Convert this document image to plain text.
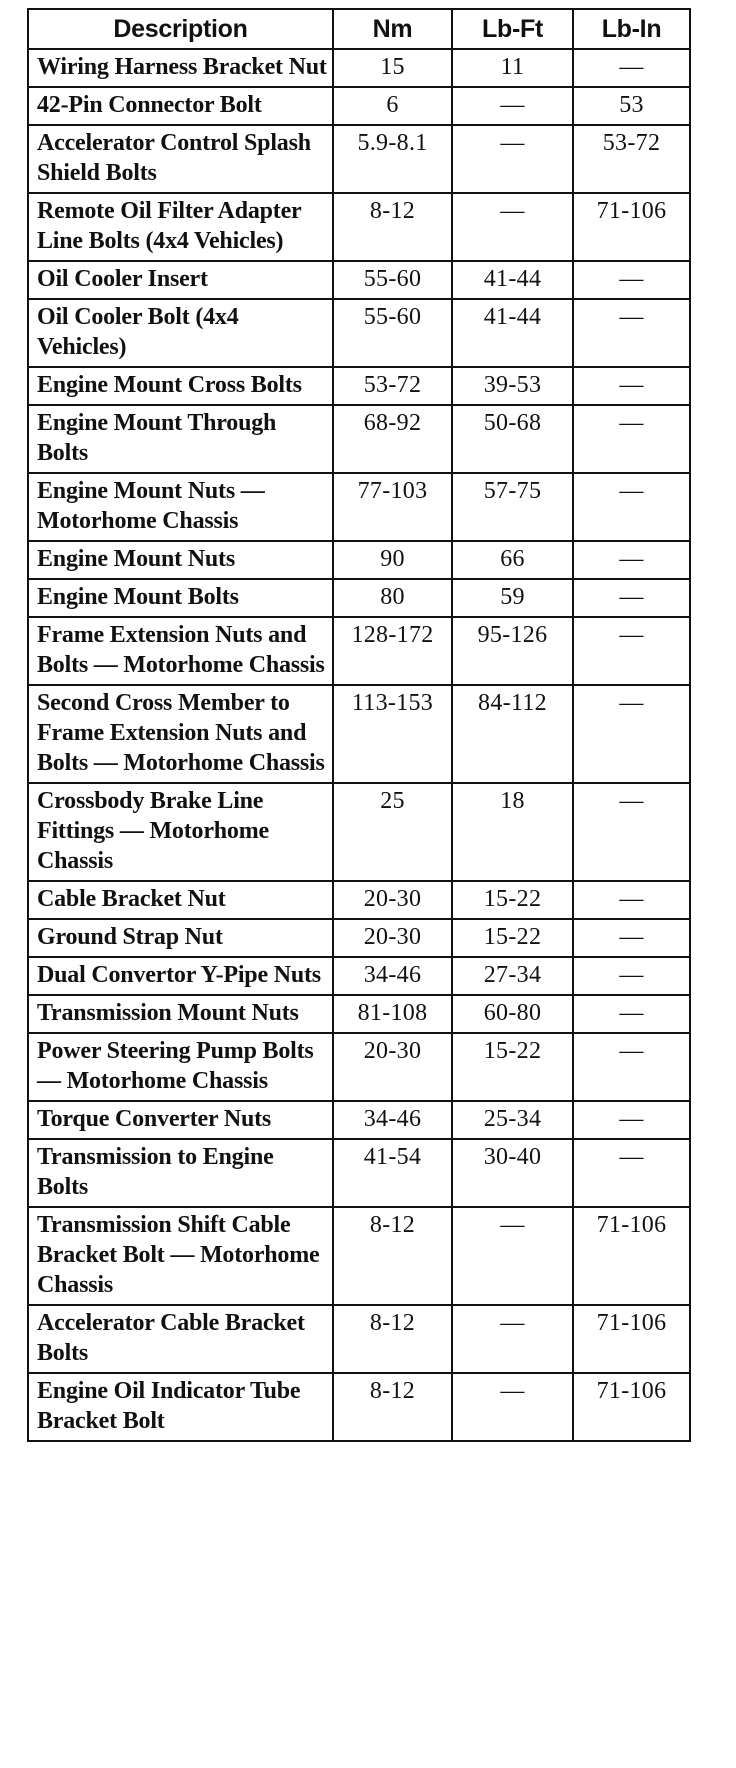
Description	Nm	Lb-Ft	Lb-In
Wiring Harness Bracket Nut	15	11	—
42-Pin Connector Bolt	6	—	53
Accelerator Control Splash Shield Bolts	5.9-8.1	—	53-72
Remote Oil Filter Adapter Line Bolts (4x4 Vehicles)	8-12	—	71-106
Oil Cooler Insert	55-60	41-44	—
Oil Cooler Bolt (4x4 Vehicles)	55-60	41-44	—
Engine Mount Cross Bolts	53-72	39-53	—
Engine Mount Through Bolts	68-92	50-68	—
Engine Mount Nuts — Motorhome Chassis	77-103	57-75	—
Engine Mount Nuts	90	66	—
Engine Mount Bolts	80	59	—
Frame Extension Nuts and Bolts — Motorhome Chassis	128-172	95-126	—
Second Cross Member to Frame Extension Nuts and Bolts — Motorhome Chassis	113-153	84-112	—
Crossbody Brake Line Fittings — Motorhome Chassis	25	18	—
Cable Bracket Nut	20-30	15-22	—
Ground Strap Nut	20-30	15-22	—
Dual Convertor Y-Pipe Nuts	34-46	27-34	—
Transmission Mount Nuts	81-108	60-80	—
Power Steering Pump Bolts — Motorhome Chassis	20-30	15-22	—
Torque Converter Nuts	34-46	25-34	—
Transmission to Engine Bolts	41-54	30-40	—
Transmission Shift Cable Bracket Bolt — Motorhome Chassis	8-12	—	71-106
Accelerator Cable Bracket Bolts	8-12	—	71-106
Engine Oil Indicator Tube Bracket Bolt	8-12	—	71-106
